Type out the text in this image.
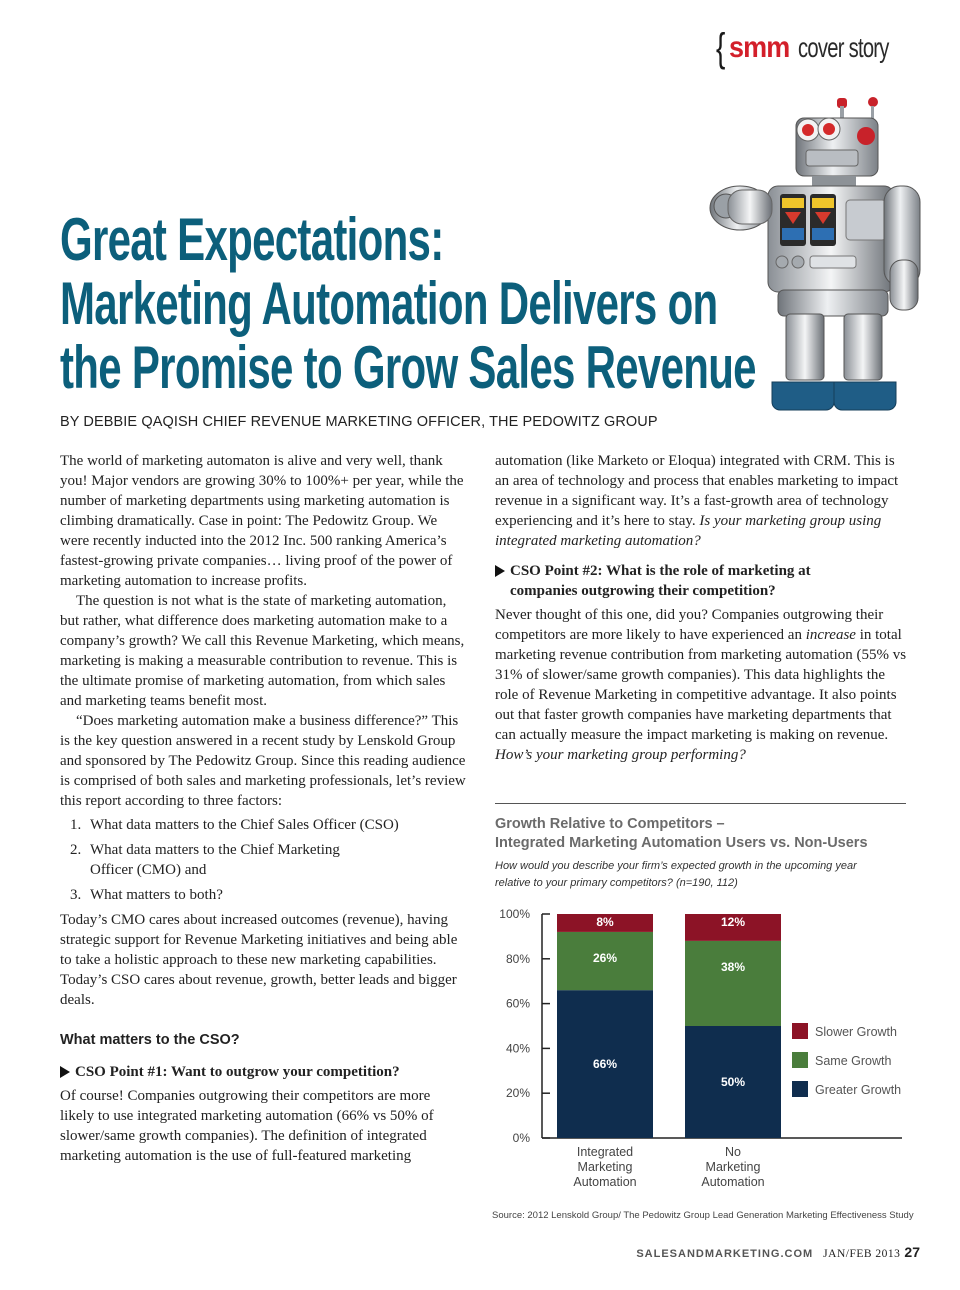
{ smm cover story
Great Expectations:
Marketing Automation Delivers on
the Promise to Grow Sales Revenue
BY DEBBIE QAQISH CHIEF REVENUE MARKETING OFFICER, THE PEDOWITZ GROUP

The world of marketing automaton is alive and very well, thank you! Major vendors are growing 30% to 100%+ per year, while the number of marketing departments using marketing automation is climbing dramatically. Case in point: The Pedowitz Group. We were recently inducted into the 2012 Inc. 500 ranking America’s fastest-growing private companies… living proof of the power of marketing automation to increase profits.

The question is not what is the state of marketing automation, but rather, what difference does marketing automation make to a company’s growth? We call this Revenue Marketing, which means, marketing is making a measurable contribution to revenue. This is the ultimate promise of marketing automation, from which sales and marketing teams benefit most.

“Does marketing automation make a business difference?” This is the key question answered in a recent study by Lenskold Group and sponsored by The Pedowitz Group. Since this reading audience is comprised of both sales and marketing professionals, let’s review this report according to three factors:

1. What data matters to the Chief Sales Officer (CSO)
2. What data matters to the Chief Marketing Officer (CMO) and
3. What matters to both?

Today’s CMO cares about increased outcomes (revenue), having strategic support for Revenue Marketing initiatives and being able to take a holistic approach to these new marketing capabilities. Today’s CSO cares about revenue, growth, better leads and bigger deals.

What matters to the CSO?

CSO Point #1: Want to outgrow your competition?

Of course! Companies outgrowing their competitors are more likely to use integrated marketing automation (66% vs 50% of slower/same growth companies). The definition of integrated marketing automation is the use of full-featured marketing

automation (like Marketo or Eloqua) integrated with CRM. This is an area of technology and process that enables marketing to impact revenue in a significant way. It’s a fast-growth area of technology experiencing and it’s here to stay. Is your marketing group using integrated marketing automation?

CSO Point #2: What is the role of marketing at
companies outgrowing their competition?

Never thought of this one, did you? Companies outgrowing their competitors are more likely to have experienced an increase in total marketing revenue contribution from marketing automation (55% vs 31% of slower/same growth companies). This data highlights the role of Revenue Marketing in competitive advantage. It also points out that faster growth companies have marketing departments that can actually measure the impact marketing is making on revenue. How’s your marketing group performing?

Growth Relative to Competitors –
Integrated Marketing Automation Users vs. Non-Users
How would you describe your firm’s expected growth in the upcoming year relative to your primary competitors? (n=190, 112)
0%
20%
40%
60%
80%
100%
66%
26%
8%
Integrated
Marketing
Automation
50%
38%
12%
No
Marketing
Automation
Slower Growth
Same Growth
Greater Growth
Source: 2012 Lenskold Group/ The Pedowitz Group Lead Generation Marketing Effectiveness Study
SALESANDMARKETING.COM JAN/FEB 2013 27
